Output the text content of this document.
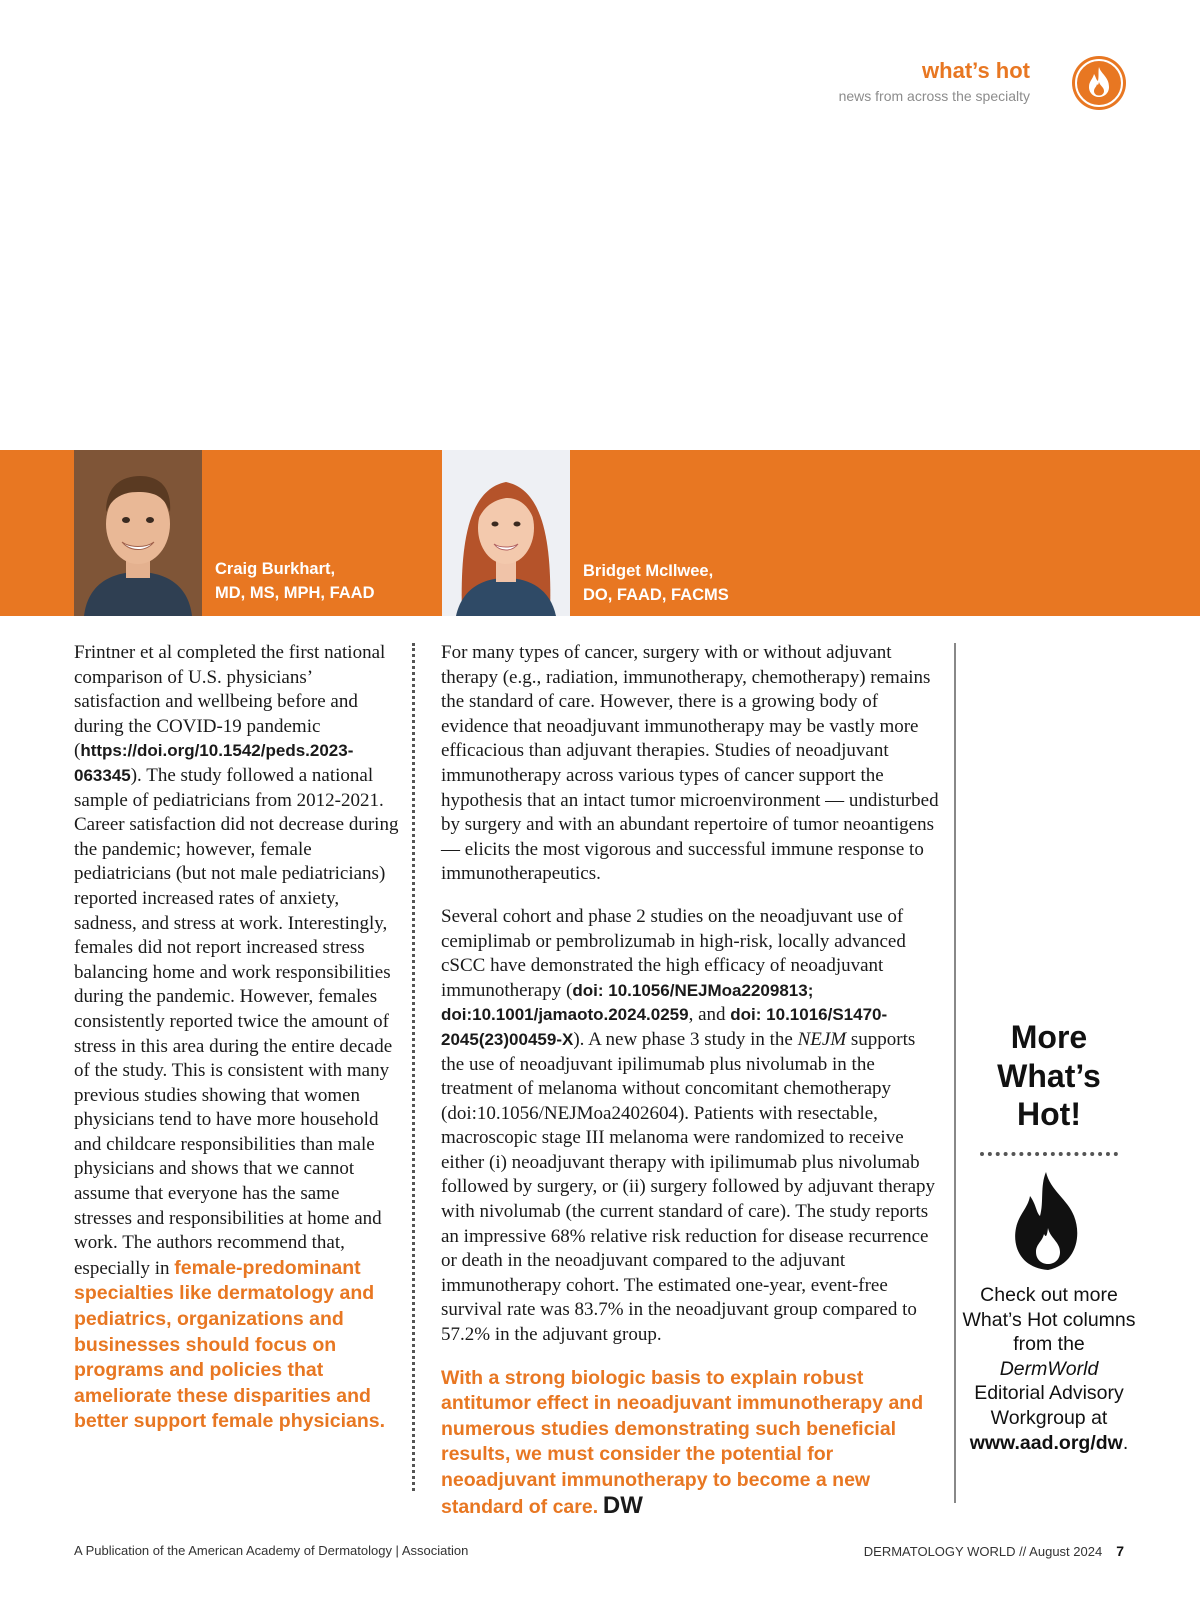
what’s hot
news from across the specialty
Craig Burkhart,
MD, MS, MPH, FAAD
Bridget McIlwee,
DO, FAAD, FACMS

Frintner et al completed the first national comparison of U.S. physicians’ satisfaction and wellbeing before and during the COVID-19 pandemic (https://doi.org/10.1542/peds.2023-063345). The study followed a national sample of pediatricians from 2012-2021. Career satisfaction did not decrease during the pandemic; however, female pediatricians (but not male pediatricians) reported increased rates of anxiety, sadness, and stress at work. Interestingly, females did not report increased stress balancing home and work responsibilities during the pandemic. However, females consistently reported twice the amount of stress in this area during the entire decade of the study. This is consistent with many previous studies showing that women physicians tend to have more household and childcare responsibilities than male physicians and shows that we cannot assume that everyone has the same stresses and responsibilities at home and work. The authors recommend that, especially in female-predominant specialties like dermatology and pediatrics, organizations and businesses should focus on programs and policies that ameliorate these disparities and better support female physicians.

For many types of cancer, surgery with or without adjuvant therapy (e.g., radiation, immunotherapy, chemotherapy) remains the standard of care. However, there is a growing body of evidence that neoadjuvant immunotherapy may be vastly more efficacious than adjuvant therapies. Studies of neoadjuvant immunotherapy across various types of cancer support the hypothesis that an intact tumor microenvironment — undisturbed by surgery and with an abundant repertoire of tumor neoantigens — elicits the most vigorous and successful immune response to immunotherapeutics.

Several cohort and phase 2 studies on the neoadjuvant use of cemiplimab or pembrolizumab in high-risk, locally advanced cSCC have demonstrated the high efficacy of neoadjuvant immunotherapy (doi: 10.1056/NEJMoa2209813; doi:10.1001/jamaoto.2024.0259, and doi: 10.1016/S1470-2045(23)00459-X). A new phase 3 study in the NEJM supports the use of neoadjuvant ipilimumab plus nivolumab in the treatment of melanoma without concomitant chemotherapy (doi:10.1056/NEJMoa2402604). Patients with resectable, macroscopic stage III melanoma were randomized to receive either (i) neoadjuvant therapy with ipilimumab plus nivolumab followed by surgery, or (ii) surgery followed by adjuvant therapy with nivolumab (the current standard of care). The study reports an impressive 68% relative risk reduction for disease recurrence or death in the neoadjuvant compared to the adjuvant immunotherapy cohort. The estimated one-year, event-free survival rate was 83.7% in the neoadjuvant group compared to 57.2% in the adjuvant group.

With a strong biologic basis to explain robust antitumor effect in neoadjuvant immunotherapy and numerous studies demonstrating such beneficial results, we must consider the potential for neoadjuvant immunotherapy to become a new standard of care. DW

More What’s Hot!
Check out more What’s Hot columns from the DermWorld Editorial Advisory Workgroup at www.aad.org/dw.
A Publication of the American Academy of Dermatology | Association	DERMATOLOGY WORLD // August 2024 7
